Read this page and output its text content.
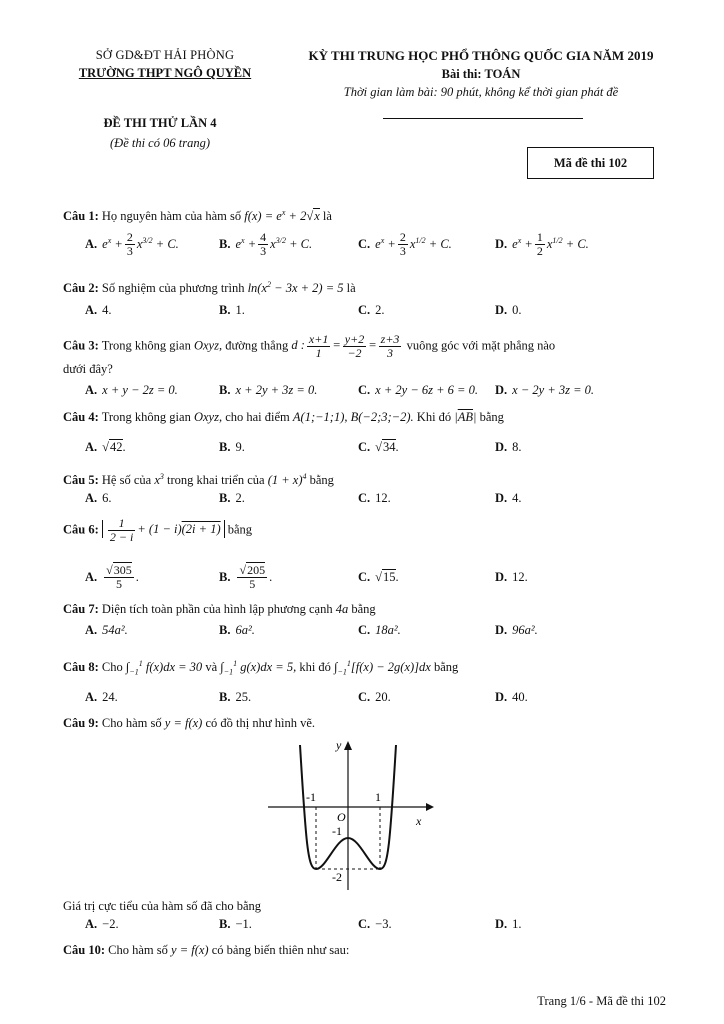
SỞ GD&ĐT HẢI PHÒNG
TRƯỜNG THPT NGÔ QUYỀN
KỲ THI TRUNG HỌC PHỔ THÔNG QUỐC GIA NĂM 2019
Bài thi: TOÁN
Thời gian làm bài: 90 phút, không kể thời gian phát đề
ĐỀ THI THỬ LẦN 4
(Đề thi có 06 trang)
Mã đề thi 102
Câu 1: Họ nguyên hàm của hàm số $f(x) = e^x + 2√x$ là
A. $e^x + \frac{2}{3} x^{3/2} + C$.	B. $e^x + \frac{4}{3} x^{3/2} + C$.	C. $e^x + \frac{2}{3} x^{1/2} + C$.	D. $e^x + \frac{1}{2} x^{1/2} + C$.
Câu 2: Số nghiệm của phương trình $\ln(x^2 - 3x + 2) = 5$ là
A. 4.	B. 1.	C. 2.	D. 0.
Câu 3: Trong không gian Oxyz, đường thẳng d : $\frac{x+1}{1} = \frac{y+2}{-2} = \frac{z+3}{3}$ vuông góc với mặt phẳng nào
dưới đây?
A. x + y − 2z = 0.	B. x + 2y + 3z = 0.	C. x + 2y − 6z + 6 = 0. D. x − 2y + 3z = 0.
Câu 4: Trong không gian Oxyz, cho hai điểm A(1;−1;1), B(−2;3;−2). Khi đó $|\overline{AB}|$ bằng
A. √ 42 .	B. 9.	C. √ 34 .	D. 8.
Câu 5: Hệ số của $x^3$ trong khai triển của $(1 + x)^4$ bằng
A. 6.	B. 2.	C. 12.	D. 4.
Câu 6: $\frac{1}{2 - i} + (1 - i)(2i + 1)$ bằng
A. $\frac{√305}{5}$ .	B. $\frac{√205}{5}$ .	C. √ 15 .	D. 12.
Câu 7: Diện tích toàn phần của hình lập phương cạnh 4a bằng
A. 54a².	B. 6a².	C. 18a².	D. 96a².
Câu 8: Cho $\int_{-1}^1$ f(x)dx = 30 và $\int_{-1}^1$ g(x)dx = 5, khi đó $\int_{-1}^1[f(x) - 2g(x)]dx$ bằng
A. 24.	B. 25.	C. 20.	D. 40.
Câu 9: Cho hàm số y = f(x) có đồ thị như hình vẽ.
y
x
O
-1	1
-1
-2
Giá trị cực tiểu của hàm số đã cho bằng
A. −2.	B. −1.	C. −3.	D. 1.
Câu 10: Cho hàm số y = f(x) có bảng biến thiên như sau:
Trang 1/6 - Mã đề thi 102
